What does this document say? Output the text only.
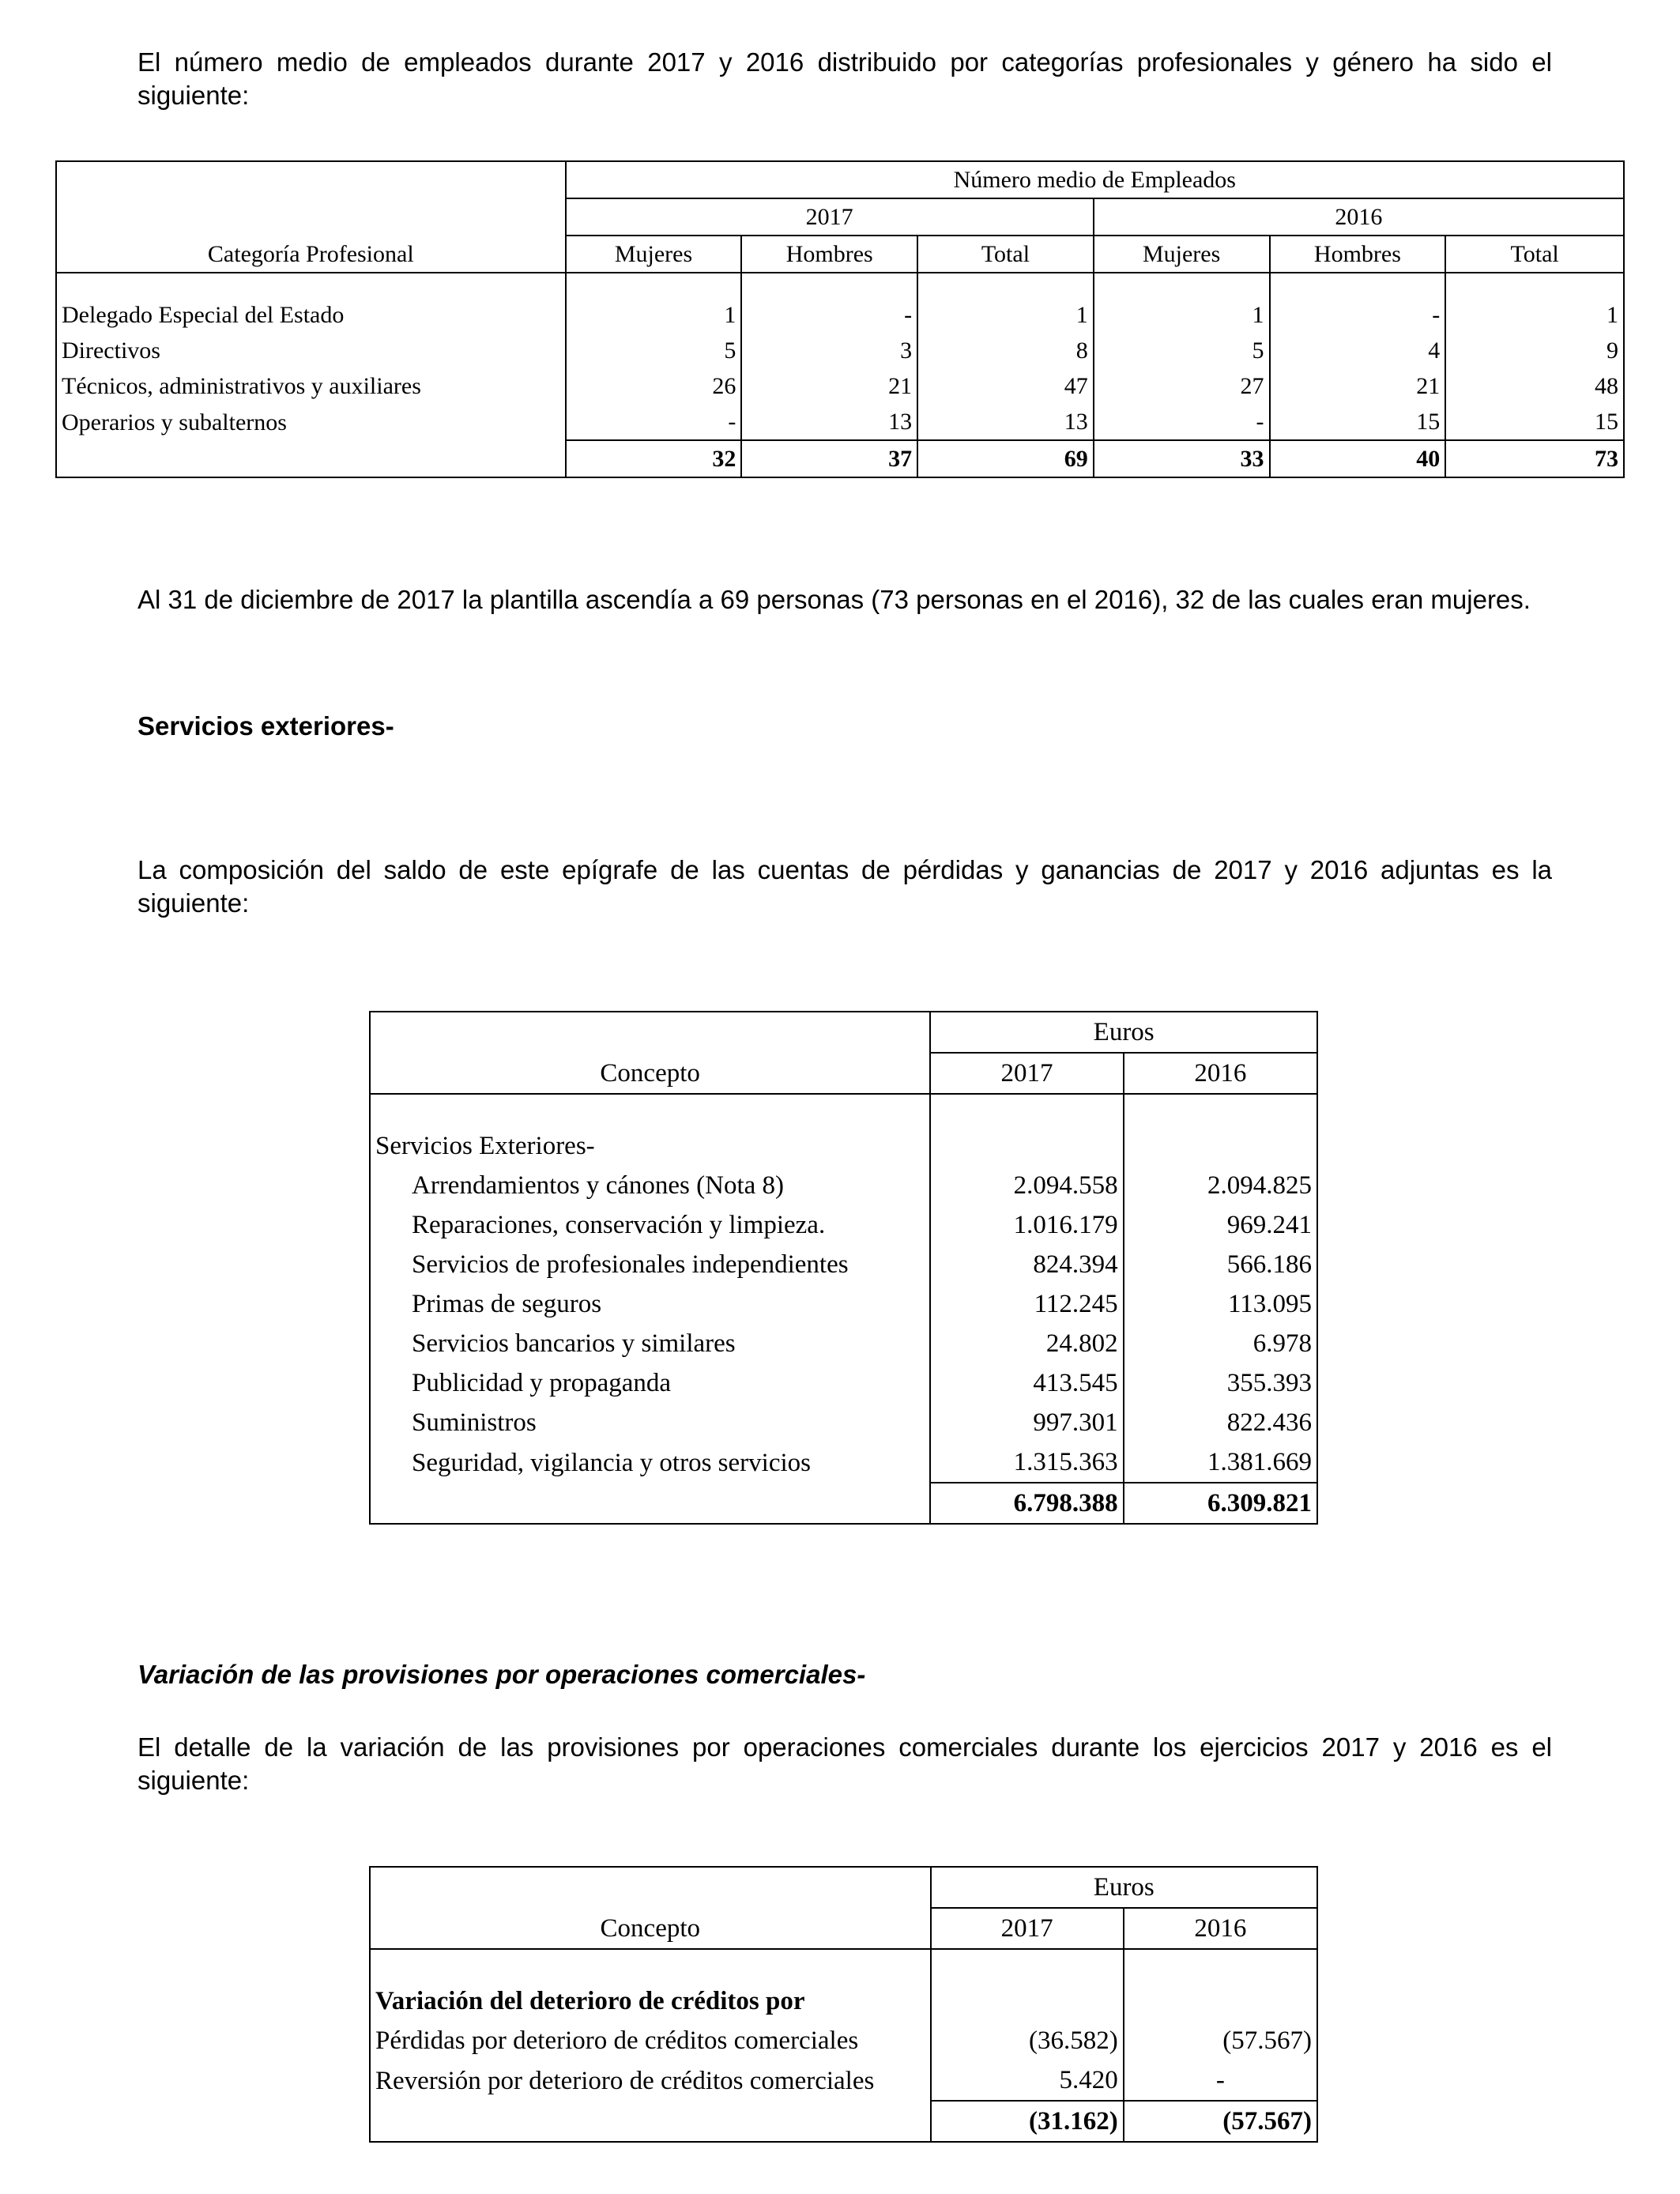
El número medio de empleados durante 2017 y 2016 distribuido por categorías profesionales y género ha sido el siguiente:

	Número medio de Empleados					
	2017			2016		
Categoría Profesional	Mujeres	Hombres	Total	Mujeres	Hombres	Total

Delegado Especial del Estado	1	-	1	1	-	1
Directivos	5	3	8	5	4	9
Técnicos, administrativos y auxiliares	26	21	47	27	21	48
Operarios y subalternos	-	13	13	-	15	15
	32	37	69	33	40	73

Al 31 de diciembre de 2017 la plantilla ascendía a 69 personas (73 personas en el 2016), 32 de las cuales eran mujeres.

Servicios exteriores-

La composición del saldo de este epígrafe de las cuentas de pérdidas y ganancias de 2017 y 2016 adjuntas es la siguiente:

	Euros	
Concepto	2017	2016

Servicios Exteriores-		
Arrendamientos y cánones (Nota 8)	2.094.558	2.094.825
Reparaciones, conservación y limpieza.	1.016.179	969.241
Servicios de profesionales independientes	824.394	566.186
Primas de seguros	112.245	113.095
Servicios bancarios y similares	24.802	6.978
Publicidad y propaganda	413.545	355.393
Suministros	997.301	822.436
Seguridad, vigilancia y otros servicios	1.315.363	1.381.669
	6.798.388	6.309.821

Variación de las provisiones por operaciones comerciales-

El detalle de la variación de las provisiones por operaciones comerciales durante los ejercicios 2017 y 2016 es el siguiente:

	Euros	
Concepto	2017	2016

Variación del deterioro de créditos por		
Pérdidas por deterioro de créditos comerciales	(36.582)	(57.567)
Reversión por deterioro de créditos comerciales	5.420	-
	(31.162)	(57.567)
